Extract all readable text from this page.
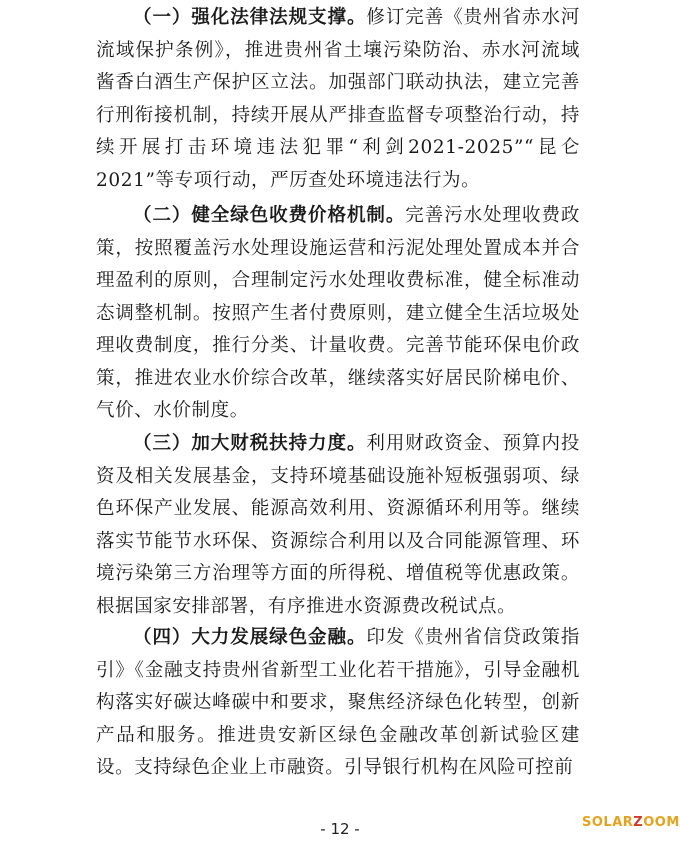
（一）强化法律法规支撑。修订完善《贵州省赤水河流域保护条例》，推进贵州省土壤污染防治、赤水河流域酱香白酒生产保护区立法。加强部门联动执法，建立完善行刑衔接机制，持续开展从严排查监督专项整治行动，持续开展打击环境违法犯罪“利剑2021-2025”“昆仑2021”等专项行动，严厉查处环境违法行为。

（二）健全绿色收费价格机制。完善污水处理收费政策，按照覆盖污水处理设施运营和污泥处理处置成本并合理盈利的原则，合理制定污水处理收费标准，健全标准动态调整机制。按照产生者付费原则，建立健全生活垃圾处理收费制度，推行分类、计量收费。完善节能环保电价政策，推进农业水价综合改革，继续落实好居民阶梯电价、气价、水价制度。

（三）加大财税扶持力度。利用财政资金、预算内投资及相关发展基金，支持环境基础设施补短板强弱项、绿色环保产业发展、能源高效利用、资源循环利用等。继续落实节能节水环保、资源综合利用以及合同能源管理、环境污染第三方治理等方面的所得税、增值税等优惠政策。根据国家安排部署，有序推进水资源费改税试点。

（四）大力发展绿色金融。印发《贵州省信贷政策指引》《金融支持贵州省新型工业化若干措施》，引导金融机构落实好碳达峰碳中和要求，聚焦经济绿色化转型，创新产品和服务。推进贵安新区绿色金融改革创新试验区建设。支持绿色企业上市融资。引导银行机构在风险可控前

- 12 -	SOLARZOOM
